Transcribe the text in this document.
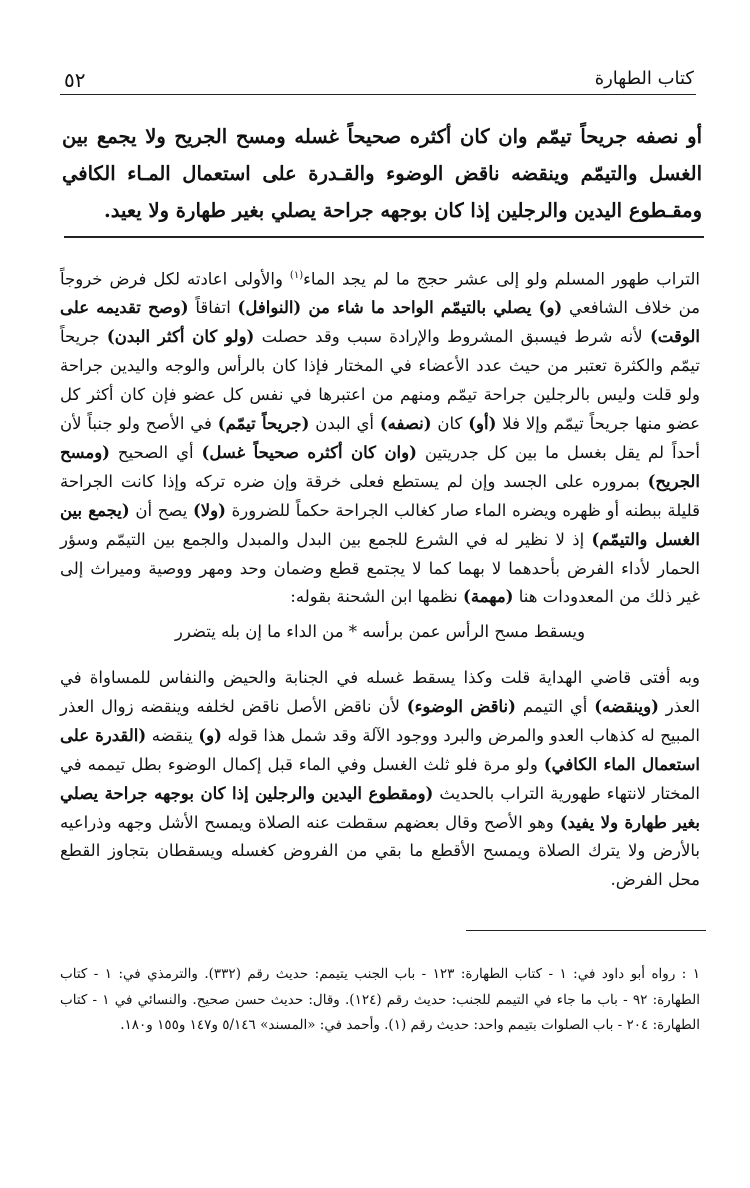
٥٢	كتاب الطهارة

أو نصفه جريحاً تيمّم وان كان أكثره صحيحاً غسله ومسح الجريح ولا يجمع بين الغسل والتيمّم وينقضه ناقض الوضوء والقـدرة على استعمال المـاء الكافي ومقـطوع اليدين والرجلين إذا كان بوجهه جراحة يصلي بغير طهارة ولا يعيد.

التراب طهور المسلم ولو إلى عشر حجج ما لم يجد الماء$^{(١)}$ والأولى اعادته لكل فرض خروجاً من خلاف الشافعي (و) يصلي بالتيمّم الواحد ما شاء من (النوافل) اتفاقاً (وصح تقديمه على الوقت) لأنه شرط فيسبق المشروط والإرادة سبب وقد حصلت (ولو كان أكثر البدن) جريحاً تيمّم والكثرة تعتبر من حيث عدد الأعضاء في المختار فإذا كان بالرأس والوجه واليدين جراحة ولو قلت وليس بالرجلين جراحة تيمّم ومنهم من اعتبرها في نفس كل عضو فإن كان أكثر كل عضو منها جريحاً تيمّم وإلا فلا (أو) كان (نصفه) أي البدن (جريحاً تيمّم) في الأصح ولو جنباً لأن أحداً لم يقل بغسل ما بين كل جدريتين (وان كان أكثره صحيحاً غسل) أي الصحيح (ومسح الجريح) بمروره على الجسد وإن لم يستطع فعلى خرقة وإن ضره تركه وإذا كانت الجراحة قليلة ببطنه أو ظهره ويضره الماء صار كغالب الجراحة حكماً للضرورة (ولا) يصح أن (يجمع بين الغسل والتيمّم) إذ لا نظير له في الشرع للجمع بين البدل والمبدل والجمع بين التيمّم وسؤر الحمار لأداء الفرض بأحدهما لا بهما كما لا يجتمع قطع وضمان وحد ومهر ووصية وميراث إلى غير ذلك من المعدودات هنا (مهمة) نظمها ابن الشحنة بقوله:

ويسقط مسح الرأس عمن برأسه * من الداء ما إن بله يتضرر

وبه أفتى قاضي الهداية قلت وكذا يسقط غسله في الجنابة والحيض والنفاس للمساواة في العذر (وينقضه) أي التيمم (ناقض الوضوء) لأن ناقض الأصل ناقض لخلفه وينقضه زوال العذر المبيح له كذهاب العدو والمرض والبرد ووجود الآلة وقد شمل هذا قوله (و) ينقضه (القدرة على استعمال الماء الكافي) ولو مرة فلو ثلث الغسل وفي الماء قبل إكمال الوضوء بطل تيممه في المختار لانتهاء طهورية التراب بالحديث (ومقطوع اليدين والرجلين إذا كان بوجهه جراحة يصلي بغير طهارة ولا يفيد) وهو الأصح وقال بعضهم سقطت عنه الصلاة ويمسح الأشل وجهه وذراعيه بالأرض ولا يترك الصلاة ويمسح الأقطع ما بقي من الفروض كغسله ويسقطان بتجاوز القطع محل الفرض.

١ : رواه أبو داود في: ١ - كتاب الطهارة: ١٢٣ - باب الجنب يتيمم: حديث رقم (٣٣٢). والترمذي في: ١ - كتاب الطهارة: ٩٢ - باب ما جاء في التيمم للجنب: حديث رقم (١٢٤). وقال: حديث حسن صحيح. والنسائي في ١ - كتاب الطهارة: ٢٠٤ - باب الصلوات بتيمم واحد: حديث رقم (١). وأحمد في: «المسند» ٥/١٤٦ و١٤٧ و١٥٥ و١٨٠.
